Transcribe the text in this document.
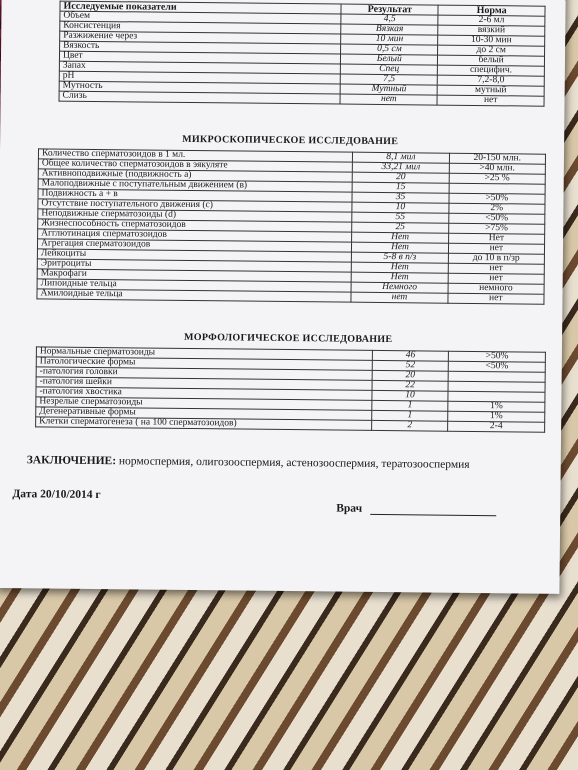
Исследуемые показатели	Результат	Норма
Объем	4,5	2-6 мл
Консистенция	Вязкая	вязкий
Разжижение через	10 мин	10-30 мин
Вязкость	0,5 см	до 2 см
Цвет	Белый	белый
Запах	Спец	специфич.
pH	7,5	7,2-8,0
Мутность	Мутный	мутный
Слизь	нет	нет
МИКРОСКОПИЧЕСКОЕ ИССЛЕДОВАНИЕ
Количество сперматозоидов в 1 мл.	8,1 мил	20-150 млн.
Общее количество сперматозоидов в эякуляте	33,21 мил	>40 млн.
Активноподвижные (подвижность а)	20	>25 %
Малоподвижные с поступательным движением (в)	15	
Подвижность а + в	35	>50%
Отсутствие поступательного движения (с)	10	2%
Неподвижные сперматозоиды (d)	55	<50%
Жизнеспособность сперматозоидов	25	>75%
Агглютинация сперматозоидов	Нет	Нет
Агрегация сперматозоидов	Нет	нет
Лейкоциты	5-8 в п/з	до 10 в п/зр
Эритроциты	Нет	нет
Макрофаги	Нет	нет
Липоидные тельца	Немного	немного
Амилоидные тельца	нет	нет
МОРФОЛОГИЧЕСКОЕ ИССЛЕДОВАНИЕ
Нормальные сперматозоиды	46	>50%
Патологические формы	52	<50%
-патология головки	20	
-патология шейки	22	
-патология хвостика	10	
Незрелые сперматозоиды	1	1%
Дегенеративные формы	1	1%
Клетки сперматогенеза ( на 100 сперматозоидов)	2	2-4
ЗАКЛЮЧЕНИЕ: нормоспермия, олигозооспермия, астенозооспермия, тератозооспермия
Дата 20/10/2014 г
Врач
